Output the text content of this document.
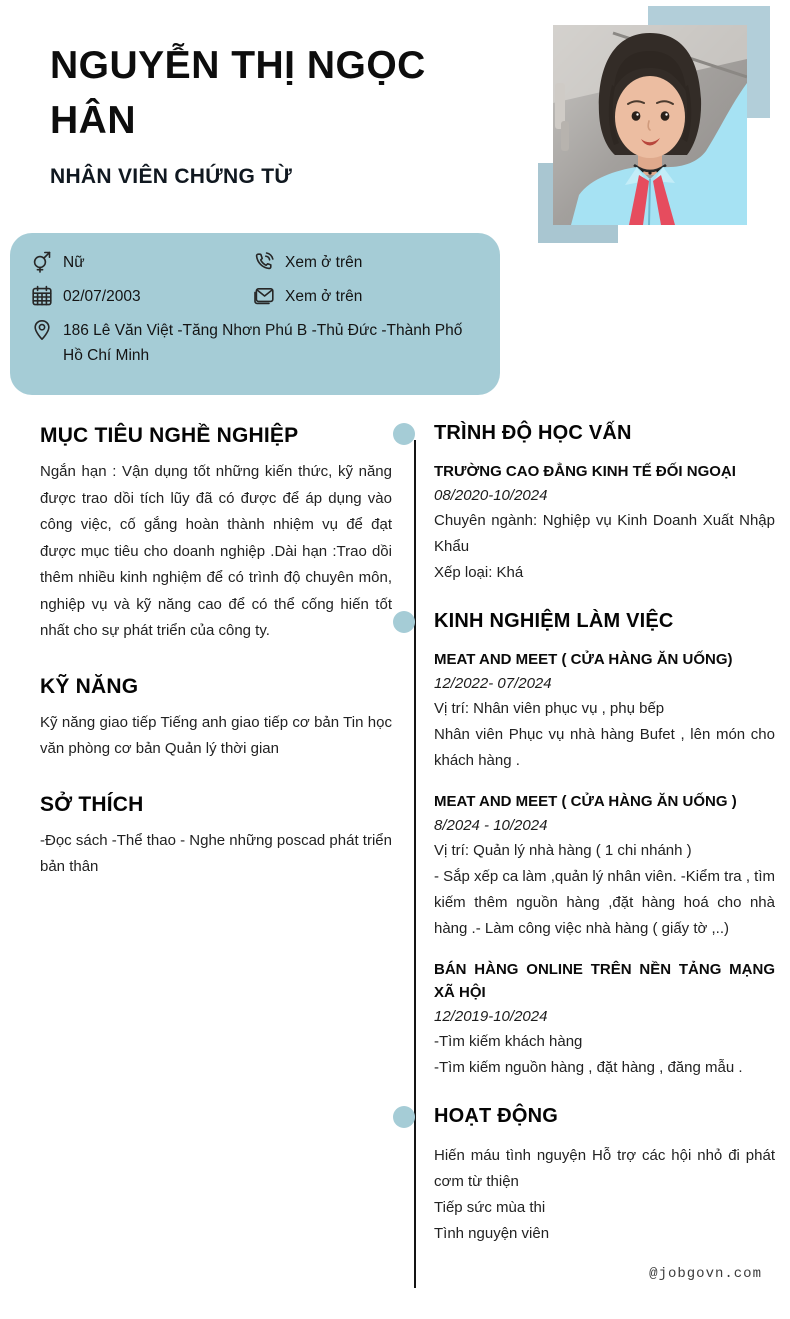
NGUYỄN THỊ NGỌC HÂN
NHÂN VIÊN CHỨNG TỪ
Nữ	Xem ở trên
02/07/2003	Xem ở trên
186 Lê Văn Việt -Tăng Nhơn Phú B -Thủ Đức -Thành Phố Hồ Chí Minh
MỤC TIÊU NGHỀ NGHIỆP
Ngắn hạn : Vận dụng tốt những kiến thức, kỹ năng được trao dồi tích lũy đã có được để áp dụng vào công việc, cố gắng hoàn thành nhiệm vụ để đạt được mục tiêu cho doanh nghiệp .Dài hạn :Trao dồi thêm nhiều kinh nghiệm để có trình độ chuyên môn, nghiệp vụ và kỹ năng cao để có thể cống hiến tốt nhất cho sự phát triển của công ty.
KỸ NĂNG
Kỹ năng giao tiếp Tiếng anh giao tiếp cơ bản Tin học văn phòng cơ bản Quản lý thời gian
SỞ THÍCH
-Đọc sách -Thể thao - Nghe những poscad phát triển bản thân
TRÌNH ĐỘ HỌC VẤN
TRƯỜNG CAO ĐẲNG KINH TẾ ĐỐI NGOẠI
08/2020-10/2024
Chuyên ngành: Nghiệp vụ Kinh Doanh Xuất Nhập Khẩu
Xếp loại: Khá
KINH NGHIỆM LÀM VIỆC
MEAT AND MEET ( CỬA HÀNG ĂN UỐNG)
12/2022- 07/2024
Vị trí: Nhân viên phục vụ , phụ bếp
Nhân viên Phục vụ nhà hàng Bufet , lên món cho khách hàng .
MEAT AND MEET ( CỬA HÀNG ĂN UỐNG )
8/2024 - 10/2024
Vị trí: Quản lý nhà hàng ( 1 chi nhánh )
- Sắp xếp ca làm ,quản lý nhân viên. -Kiểm tra , tìm kiếm thêm nguồn hàng ,đặt hàng hoá cho nhà hàng .- Làm công việc nhà hàng ( giấy tờ ,..)
BÁN HÀNG ONLINE TRÊN NỀN TẢNG MẠNG XÃ HỘI
12/2019-10/2024
-Tìm kiếm khách hàng
-Tìm kiếm nguồn hàng , đặt hàng , đăng mẫu .
HOẠT ĐỘNG
Hiến máu tình nguyện Hỗ trợ các hội nhỏ đi phát cơm từ thiện
Tiếp sức mùa thi
Tình nguyện viên
@jobgovn.com
